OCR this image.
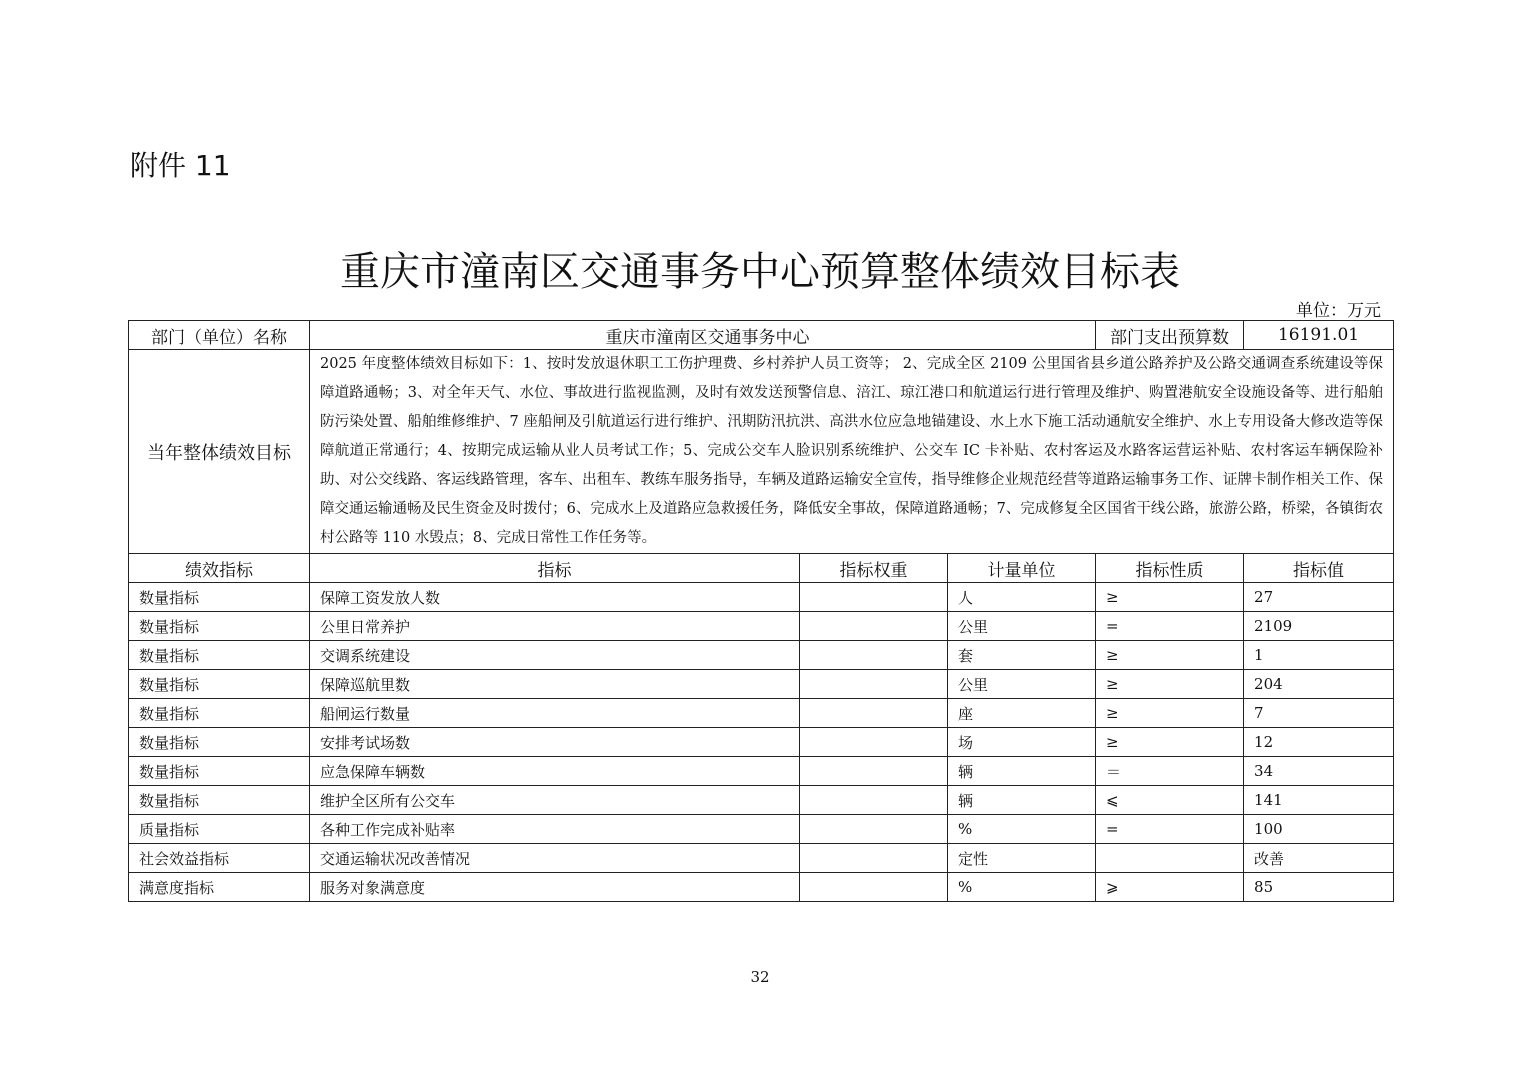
附件 11
重庆市潼南区交通事务中心预算整体绩效目标表
单位：万元
部门（单位）名称	重庆市潼南区交通事务中心			部门支出预算数	16191.01
当年整体绩效目标	2025 年度整体绩效目标如下：1、按时发放退休职工工伤护理费、乡村养护人员工资等； 2、完成全区 2109 公里国省县乡道公路养护及公路交通调查系统建设等保障道路通畅；3、对全年天气、水位、事故进行监视监测，及时有效发送预警信息、涪江、琼江港口和航道运行进行管理及维护、购置港航安全设施设备等、进行船舶防污染处置、船舶维修维护、7 座船闸及引航道运行进行维护、汛期防汛抗洪、高洪水位应急地锚建设、水上水下施工活动通航安全维护、水上专用设备大修改造等保障航道正常通行；4、按期完成运输从业人员考试工作；5、完成公交车人脸识别系统维护、公交车 IC 卡补贴、农村客运及水路客运营运补贴、农村客运车辆保险补助、对公交线路、客运线路管理，客车、出租车、教练车服务指导，车辆及道路运输安全宣传，指导维修企业规范经营等道路运输事务工作、证牌卡制作相关工作、保障交通运输通畅及民生资金及时拨付；6、完成水上及道路应急救援任务，降低安全事故，保障道路通畅；7、完成修复全区国省干线公路，旅游公路，桥梁，各镇街农村公路等 110 水毁点；8、完成日常性工作任务等。				
绩效指标	指标	指标权重	计量单位	指标性质	指标值
数量指标	保障工资发放人数		人	≥	27
数量指标	公里日常养护		公里	=	2109
数量指标	交调系统建设		套	≥	1
数量指标	保障巡航里数		公里	≥	204
数量指标	船闸运行数量		座	≥	7
数量指标	安排考试场数		场	≥	12
数量指标	应急保障车辆数		辆	＝	34
数量指标	维护全区所有公交车		辆	⩽	141
质量指标	各种工作完成补贴率		%	=	100
社会效益指标	交通运输状况改善情况		定性		改善
满意度指标	服务对象满意度		%	⩾	85
32
